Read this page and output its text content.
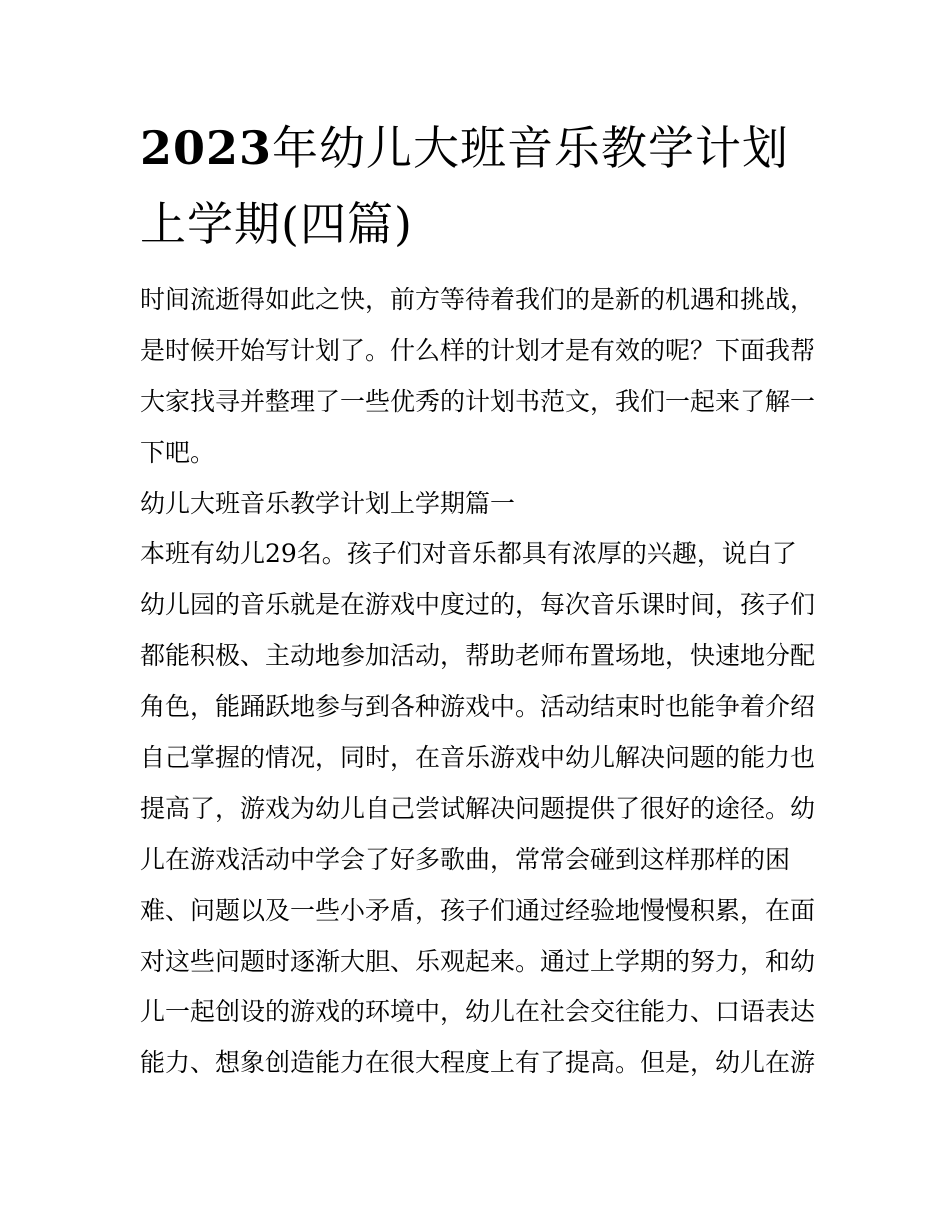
2023年幼儿大班音乐教学计划
上学期(四篇)

时间流逝得如此之快，前方等待着我们的是新的机遇和挑战，

是时候开始写计划了。什么样的计划才是有效的呢？下面我帮

大家找寻并整理了一些优秀的计划书范文，我们一起来了解一

下吧。

幼儿大班音乐教学计划上学期篇一

本班有幼儿29名。孩子们对音乐都具有浓厚的兴趣，说白了

幼儿园的音乐就是在游戏中度过的，每次音乐课时间，孩子们

都能积极、主动地参加活动，帮助老师布置场地，快速地分配

角色，能踊跃地参与到各种游戏中。活动结束时也能争着介绍

自己掌握的情况，同时，在音乐游戏中幼儿解决问题的能力也

提高了，游戏为幼儿自己尝试解决问题提供了很好的途径。幼

儿在游戏活动中学会了好多歌曲，常常会碰到这样那样的困

难、问题以及一些小矛盾，孩子们通过经验地慢慢积累，在面

对这些问题时逐渐大胆、乐观起来。通过上学期的努力，和幼

儿一起创设的游戏的环境中，幼儿在社会交往能力、口语表达

能力、想象创造能力在很大程度上有了提高。但是，幼儿在游
